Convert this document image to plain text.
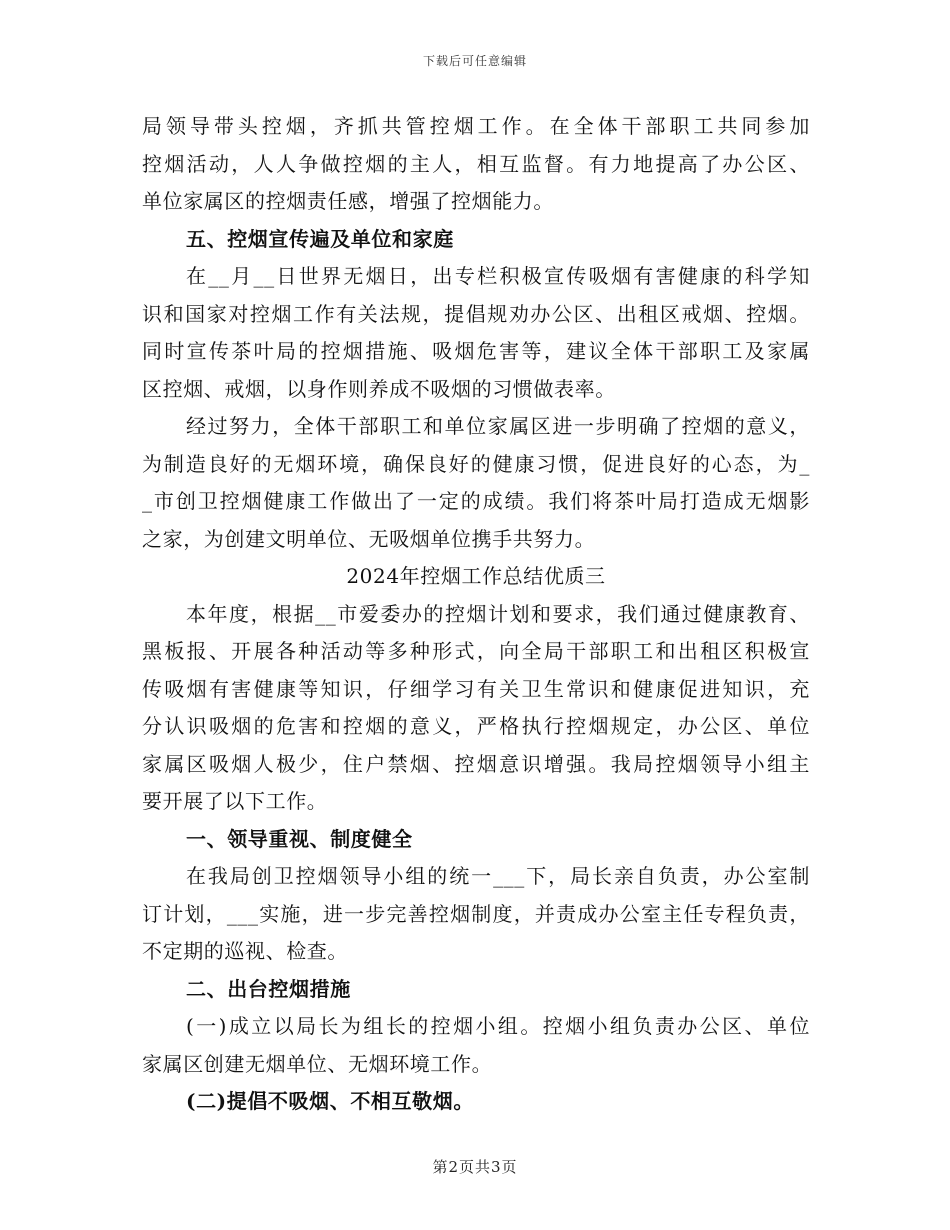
下载后可任意编辑
局领导带头控烟，齐抓共管控烟工作。在全体干部职工共同参加
控烟活动，人人争做控烟的主人，相互监督。有力地提高了办公区、
单位家属区的控烟责任感，增强了控烟能力。
五、控烟宣传遍及单位和家庭
在__月__日世界无烟日，出专栏积极宣传吸烟有害健康的科学知
识和国家对控烟工作有关法规，提倡规劝办公区、出租区戒烟、控烟。
同时宣传茶叶局的控烟措施、吸烟危害等，建议全体干部职工及家属
区控烟、戒烟，以身作则养成不吸烟的习惯做表率。
经过努力，全体干部职工和单位家属区进一步明确了控烟的意义，
为制造良好的无烟环境，确保良好的健康习惯，促进良好的心态，为_
_市创卫控烟健康工作做出了一定的成绩。我们将茶叶局打造成无烟影
之家，为创建文明单位、无吸烟单位携手共努力。
2024年控烟工作总结优质三
本年度，根据__市爱委办的控烟计划和要求，我们通过健康教育、
黑板报、开展各种活动等多种形式，向全局干部职工和出租区积极宣
传吸烟有害健康等知识，仔细学习有关卫生常识和健康促进知识，充
分认识吸烟的危害和控烟的意义，严格执行控烟规定，办公区、单位
家属区吸烟人极少，住户禁烟、控烟意识增强。我局控烟领导小组主
要开展了以下工作。
一、领导重视、制度健全
在我局创卫控烟领导小组的统一___下，局长亲自负责，办公室制
订计划，___实施，进一步完善控烟制度，并责成办公室主任专程负责，
不定期的巡视、检查。
二、出台控烟措施
(一)成立以局长为组长的控烟小组。控烟小组负责办公区、单位
家属区创建无烟单位、无烟环境工作。
(二)提倡不吸烟、不相互敬烟。
第2页共3页
